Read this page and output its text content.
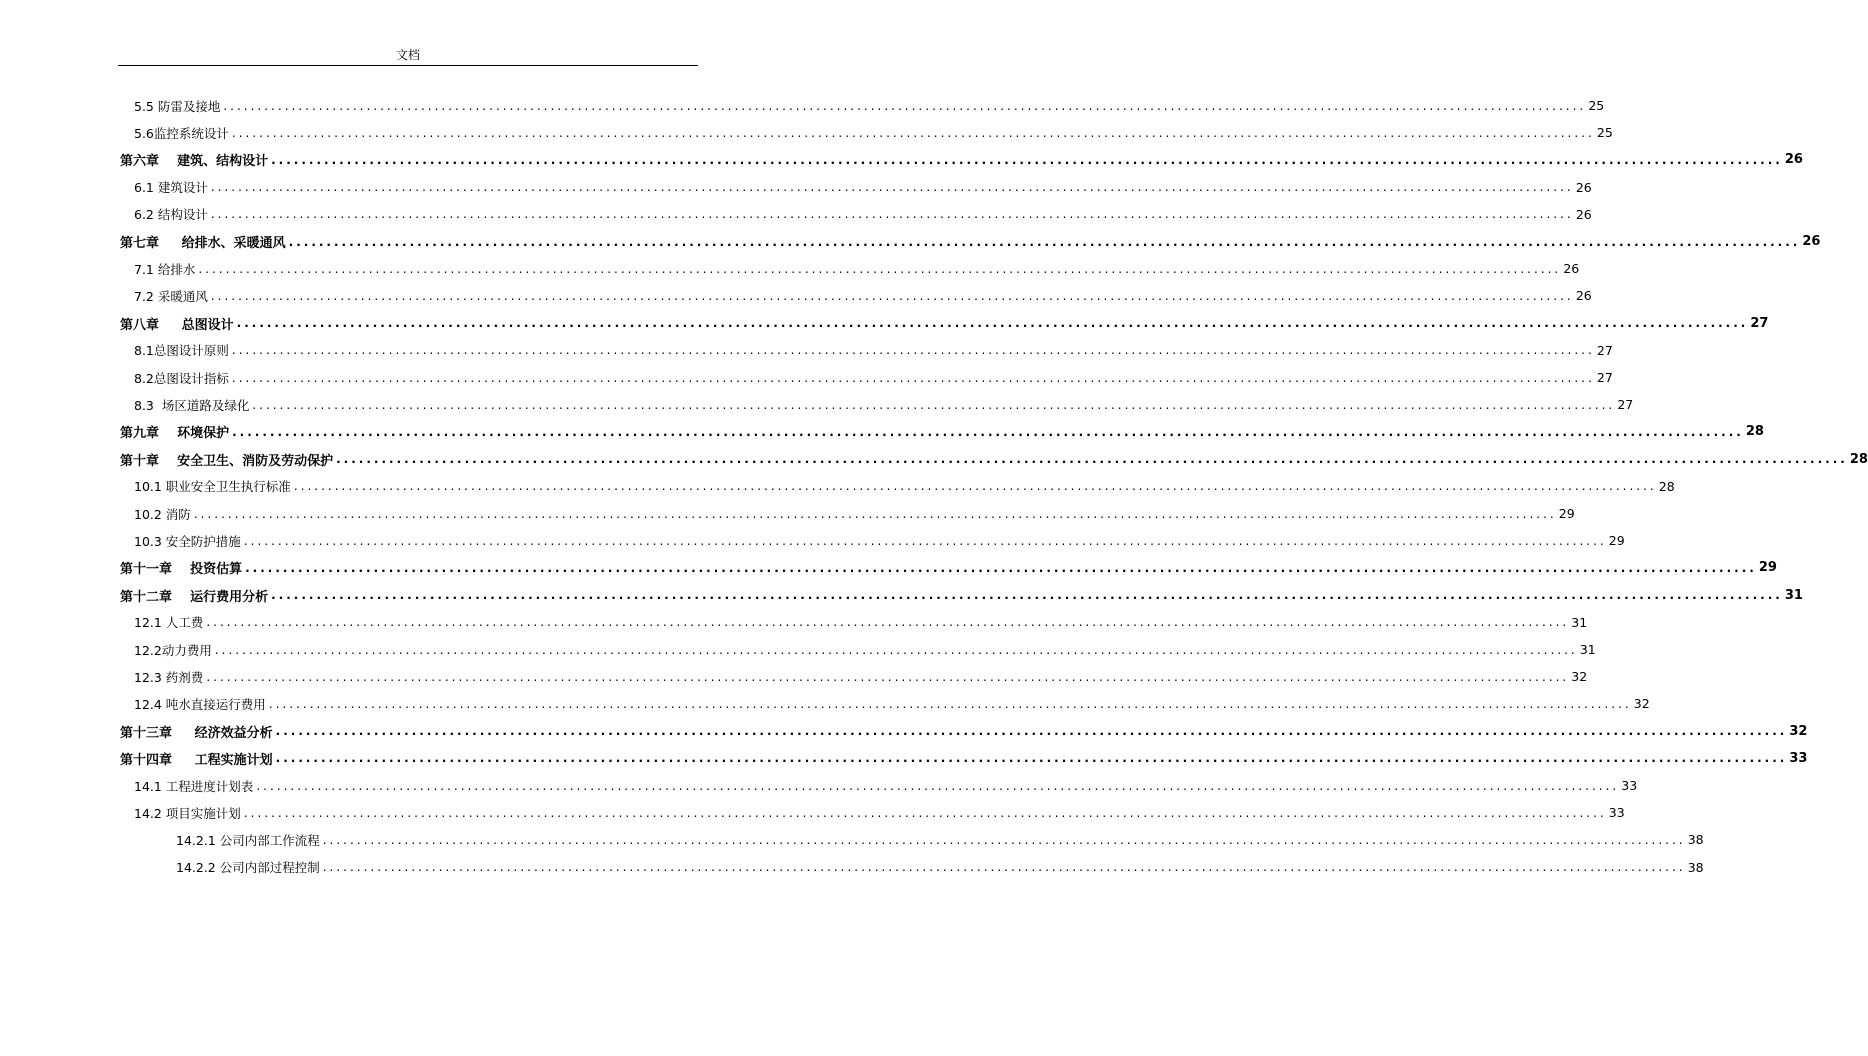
文档
5.5 防雷及接地 ........................................................................................................................................................................................................ 25
5.6监控系统设计 ........................................................................................................................................................................................................ 25
第六章    建筑、结构设计 ........................................................................................................................................................................................................ 26
6.1 建筑设计 ........................................................................................................................................................................................................ 26
6.2 结构设计 ........................................................................................................................................................................................................ 26
第七章     给排水、采暖通风 ........................................................................................................................................................................................................ 26
7.1 给排水 ........................................................................................................................................................................................................ 26
7.2 采暖通风 ........................................................................................................................................................................................................ 26
第八章     总图设计 ........................................................................................................................................................................................................ 27
8.1总图设计原则 ........................................................................................................................................................................................................ 27
8.2总图设计指标 ........................................................................................................................................................................................................ 27
8.3  场区道路及绿化 ........................................................................................................................................................................................................ 27
第九章    环境保护 ........................................................................................................................................................................................................ 28
第十章    安全卫生、消防及劳动保护 ........................................................................................................................................................................................................ 28
10.1 职业安全卫生执行标准 ........................................................................................................................................................................................................ 28
10.2 消防 ........................................................................................................................................................................................................ 29
10.3 安全防护措施 ........................................................................................................................................................................................................ 29
第十一章    投资估算 ........................................................................................................................................................................................................ 29
第十二章    运行费用分析 ........................................................................................................................................................................................................ 31
12.1 人工费 ........................................................................................................................................................................................................ 31
12.2动力费用 ........................................................................................................................................................................................................ 31
12.3 药剂费 ........................................................................................................................................................................................................ 32
12.4 吨水直接运行费用 ........................................................................................................................................................................................................ 32
第十三章     经济效益分析 ........................................................................................................................................................................................................ 32
第十四章     工程实施计划 ........................................................................................................................................................................................................ 33
14.1 工程进度计划表 ........................................................................................................................................................................................................ 33
14.2 项目实施计划 ........................................................................................................................................................................................................ 33
14.2.1 公司内部工作流程 ........................................................................................................................................................................................................ 38
14.2.2 公司内部过程控制 ........................................................................................................................................................................................................ 38
